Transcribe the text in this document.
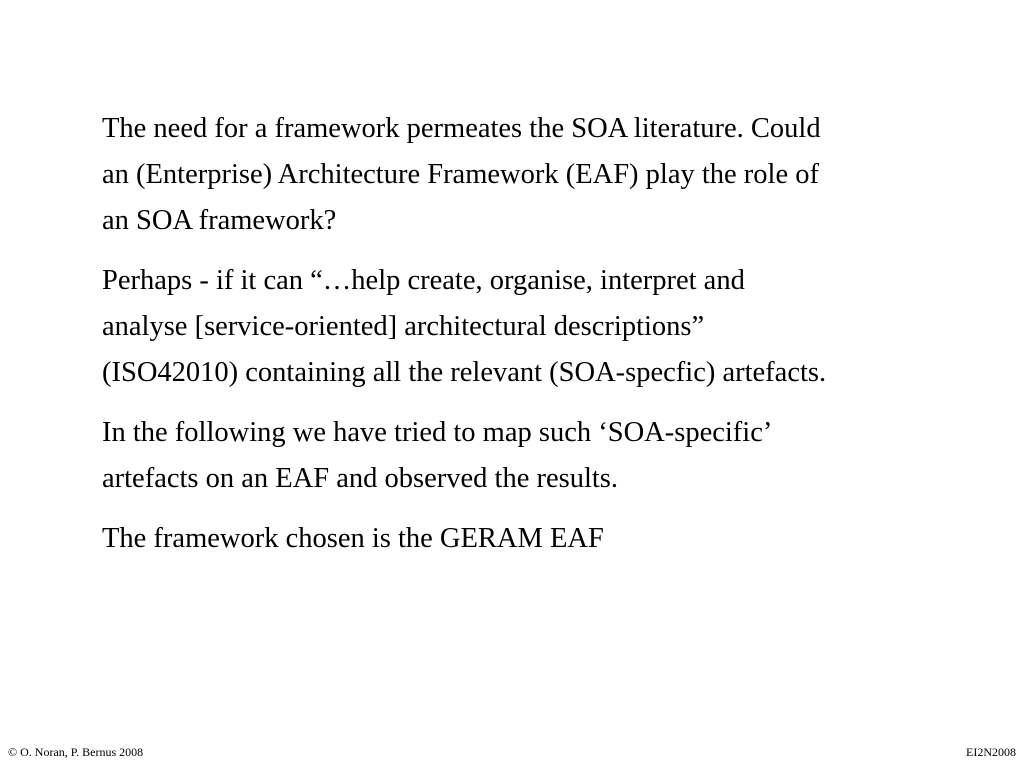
The need for a framework permeates the SOA literature. Could
an (Enterprise) Architecture Framework (EAF) play the role of
an SOA framework?

Perhaps - if it can “…help create, organise, interpret and
analyse [service-oriented] architectural descriptions”
(ISO42010) containing all the relevant (SOA-specfic) artefacts.

In the following we have tried to map such ‘SOA-specific’
artefacts on an EAF and observed the results.

The framework chosen is the GERAM EAF

© O. Noran, P. Bernus 2008	EI2N2008
